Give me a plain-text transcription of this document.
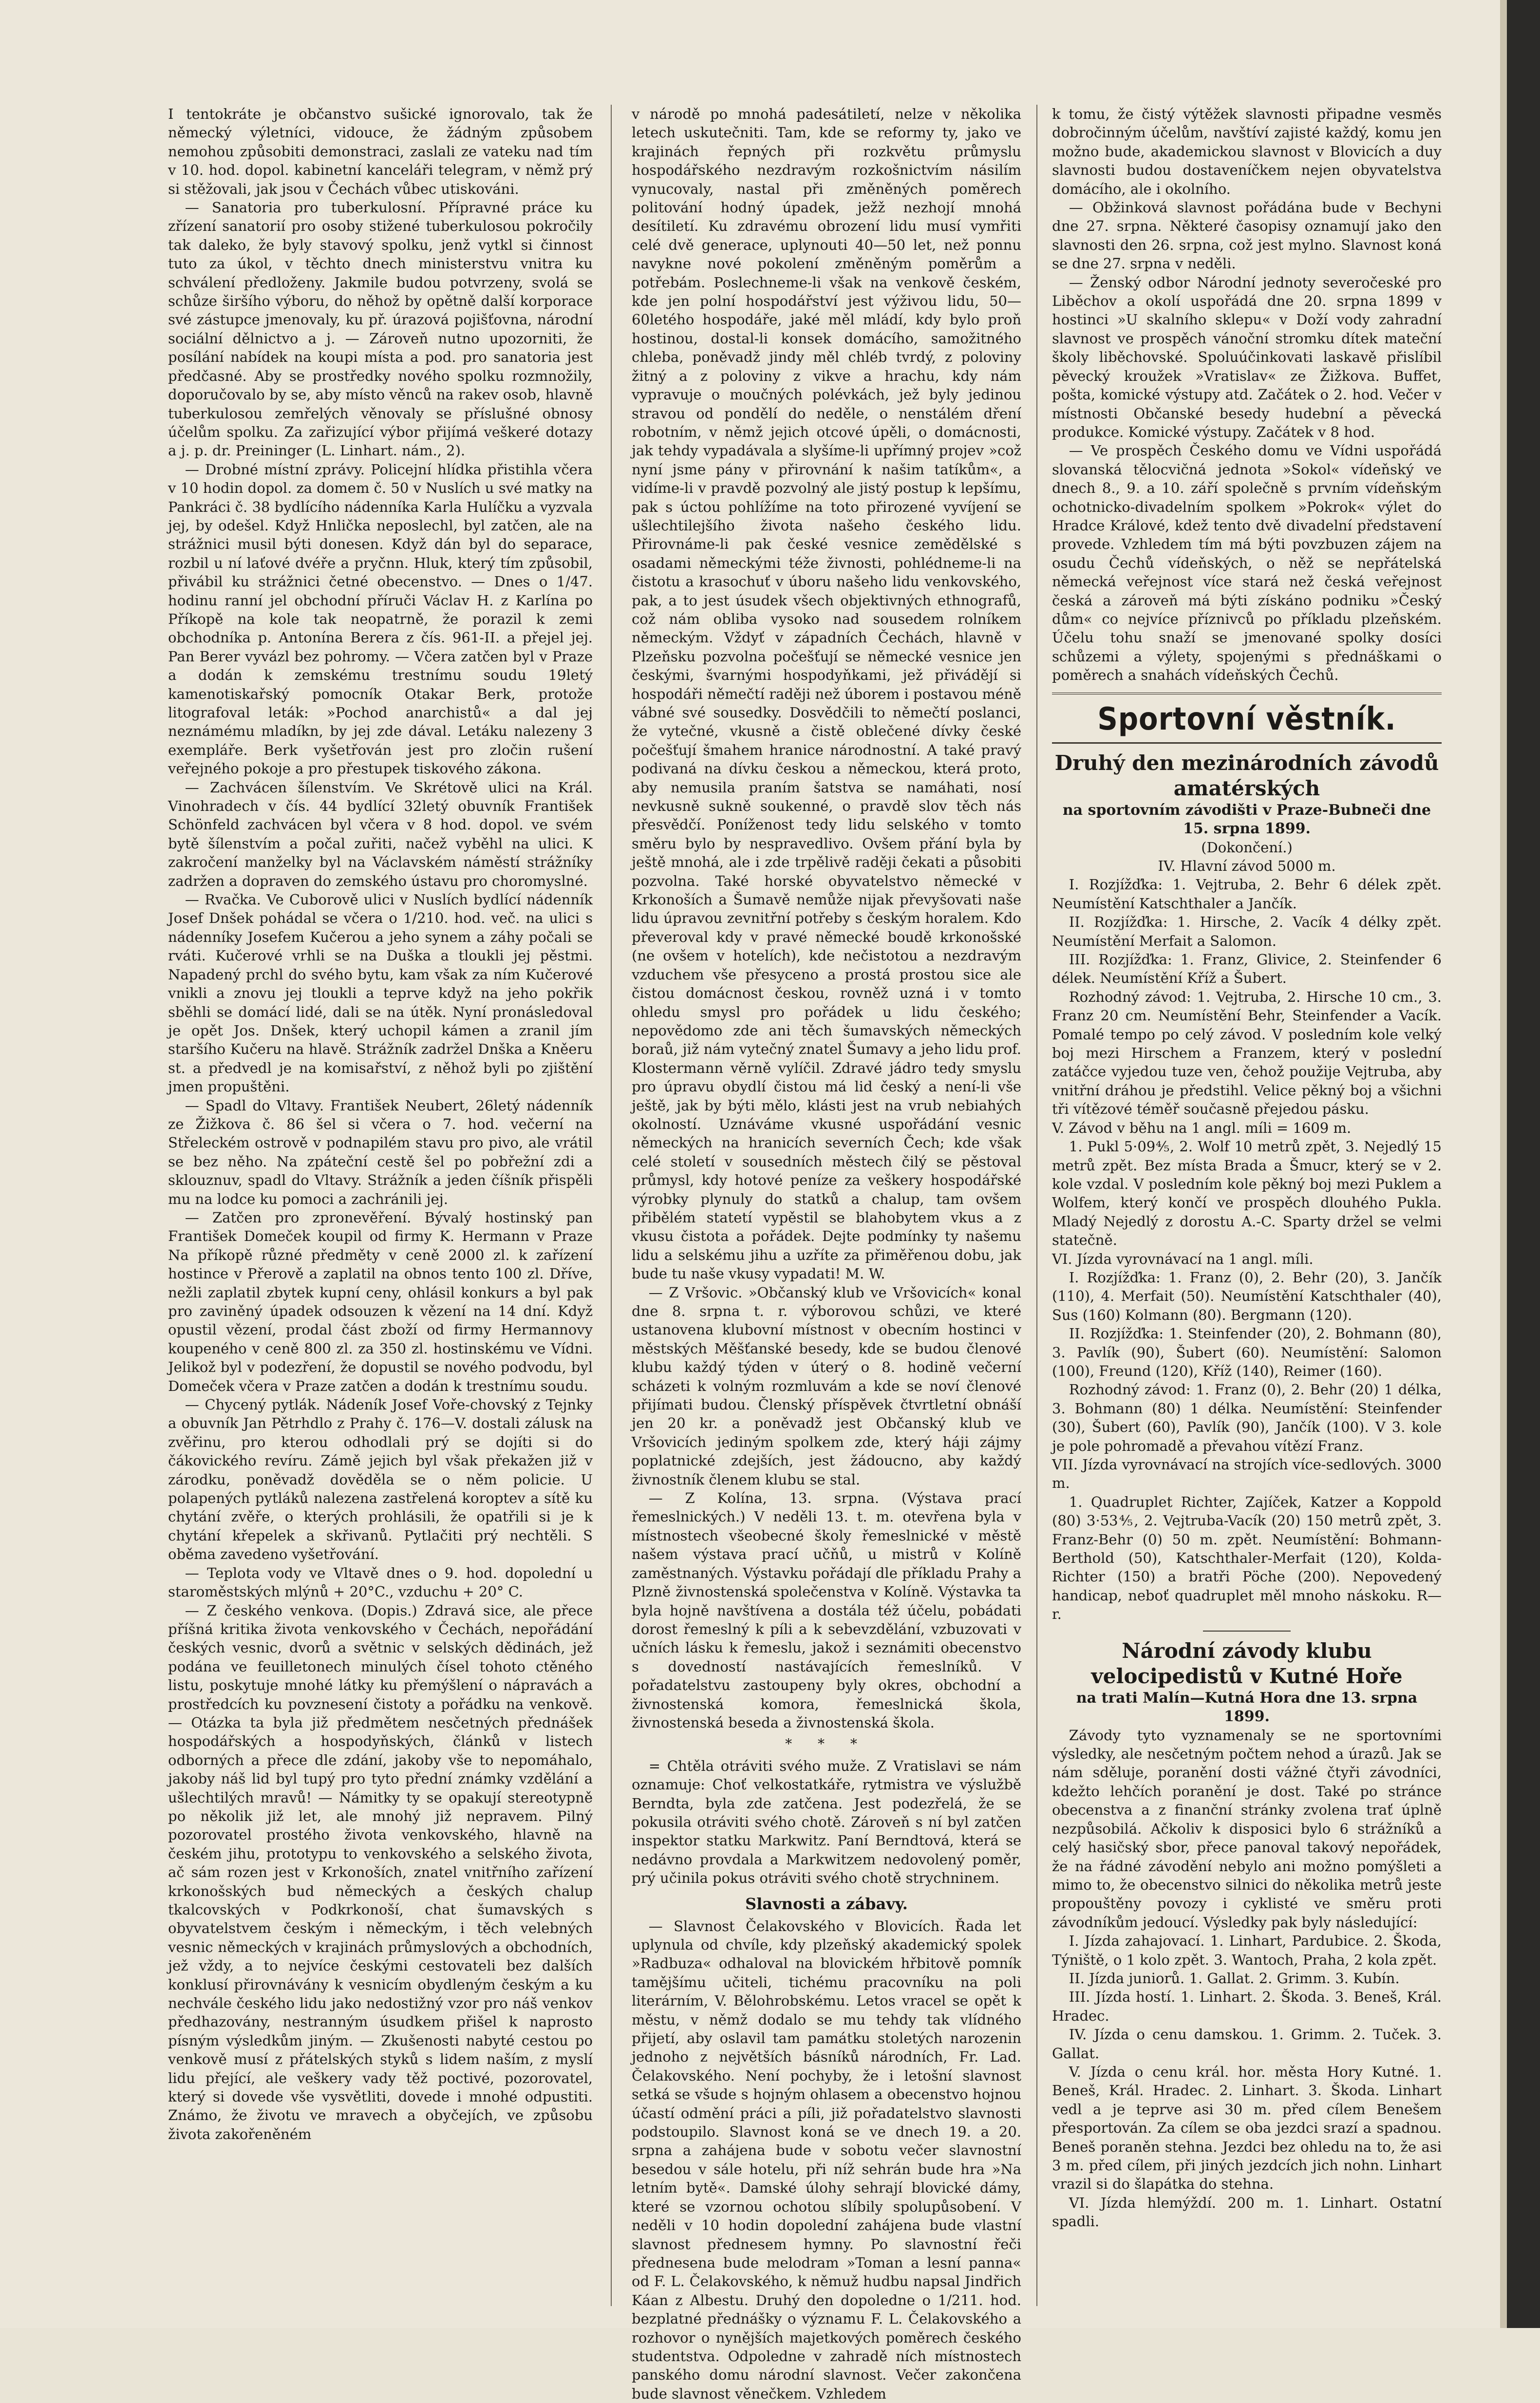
I tentokráte je občanstvo sušické ignorovalo, tak že německý výletníci, vidouce, že žádným způsobem nemohou způsobiti demonstraci, zaslali ze vateku nad tím v 10. hod. dopol. kabinetní kanceláři telegram, v němž prý si stěžovali, jak jsou v Čechách vůbec utiskováni.

— Sanatoria pro tuberkulosní. Přípravné práce ku zřízení sanatorií pro osoby stižené tuberkulosou pokročily tak daleko, že byly stavový spolku, jenž vytkl si činnost tuto za úkol, v těchto dnech ministerstvu vnitra ku schválení předloženy. Jakmile budou potvrzeny, svolá se schůze širšího výboru, do něhož by opětně další korporace své zástupce jmenovaly, ku př. úrazová pojišťovna, národní sociální dělnictvo a j. — Zároveň nutno upozorniti, že posílání nabídek na koupi místa a pod. pro sanatoria jest předčasné. Aby se prostředky nového spolku rozmnožily, doporučovalo by se, aby místo věnců na rakev osob, hlavně tuberkulosou zemřelých věnovaly se příslušné obnosy účelům spolku. Za zařizující výbor přijímá veškeré dotazy a j. p. dr. Preininger (L. Linhart. nám., 2).

— Drobné místní zprávy. Policejní hlídka přistihla včera v 10 hodin dopol. za domem č. 50 v Nuslích u své matky na Pankráci č. 38 bydlícího nádenníka Karla Hulíčku a vyzvala jej, by odešel. Když Hnlička neposlechl, byl zatčen, ale na strážnici musil býti donesen. Když dán byl do separace, rozbil u ní laťové dvéře a pryčnn. Hluk, který tím způsobil, přivábil ku strážnici četné obecenstvo. — Dnes o 1/47. hodinu ranní jel obchodní příruči Václav H. z Karlína po Příkopě na kole tak neopatrně, že porazil k zemi obchodníka p. Antonína Berera z čís. 961-II. a přejel jej. Pan Berer vyvázl bez pohromy. — Včera zatčen byl v Praze a dodán k zemskému trestnímu soudu 19letý kamenotiskařský pomocník Otakar Berk, protože litografoval leták: »Pochod anarchistů« a dal jej neznámému mladíkn, by jej zde dával. Letáku nalezeny 3 exempláře. Berk vyšetřován jest pro zločin rušení veřejného pokoje a pro přestupek tiskového zákona.

— Zachvácen šílenstvím. Ve Skrétově ulici na Král. Vinohradech v čís. 44 bydlící 32letý obuvník František Schönfeld zachvácen byl včera v 8 hod. dopol. ve svém bytě šílenstvím a počal zuřiti, načež vyběhl na ulici. K zakročení manželky byl na Václavském náměstí strážníky zadržen a dopraven do zemského ústavu pro choromyslné.

— Rvačka. Ve Cuborově ulici v Nuslích bydlící nádenník Josef Dnšek pohádal se včera o 1/210. hod. več. na ulici s nádenníky Josefem Kučerou a jeho synem a záhy počali se rváti. Kučerové vrhli se na Duška a tloukli jej pěstmi. Napadený prchl do svého bytu, kam však za ním Kučerové vnikli a znovu jej tloukli a teprve když na jeho pokřik sběhli se domácí lidé, dali se na útěk. Nyní pronásledoval je opět Jos. Dnšek, který uchopil kámen a zranil jím staršího Kučeru na hlavě. Strážník zadržel Dnška a Kněeru st. a předvedl je na komisařství, z něhož byli po zjištění jmen propuštěni.

— Spadl do Vltavy. František Neubert, 26letý nádenník ze Žižkova č. 86 šel si včera o 7. hod. večerní na Střeleckém ostrově v podnapilém stavu pro pivo, ale vrátil se bez něho. Na zpáteční cestě šel po pobřežní zdi a sklouznuv, spadl do Vltavy. Strážník a jeden číšník přispěli mu na lodce ku pomoci a zachránili jej.

— Zatčen pro zpronevěření. Bývalý hostinský pan František Domeček koupil od firmy K. Hermann v Praze Na příkopě různé předměty v ceně 2000 zl. k zařízení hostince v Přerově a zaplatil na obnos tento 100 zl. Dříve, nežli zaplatil zbytek kupní ceny, ohlásil konkurs a byl pak pro zaviněný úpadek odsouzen k vězení na 14 dní. Když opustil vězení, prodal část zboží od firmy Hermannovy koupeného v ceně 800 zl. za 350 zl. hostinskému ve Vídni. Jelikož byl v podezření, že dopustil se nového podvodu, byl Domeček včera v Praze zatčen a dodán k trestnímu soudu.

— Chycený pytlák. Nádeník Josef Voře-chovský z Tejnky a obuvník Jan Pětrhdlo z Prahy č. 176—V. dostali zálusk na zvěřinu, pro kterou odhodlali prý se dojíti si do čákovického revíru. Zámě jejich byl však překažen již v zárodku, poněvadž dověděla se o něm policie. U polapených pytláků nalezena zastřelená koroptev a sítě ku chytání zvěře, o kterých prohlásili, že opatřili si je k chytání křepelek a skřivanů. Pytlačiti prý nechtěli. S oběma zavedeno vyšetřování.

— Teplota vody ve Vltavě dnes o 9. hod. dopolední u staroměstských mlýnů + 20°C., vzduchu + 20° C.

— Z českého venkova. (Dopis.) Zdravá sice, ale přece příšná kritika života venkovského v Čechách, nepořádání českých vesnic, dvorů a světnic v selských dědinách, jež podána ve feuilletonech minulých čísel tohoto ctěného listu, poskytuje mnohé látky ku přemýšlení o nápravách a prostředcích ku povznesení čistoty a pořádku na venkově. — Otázka ta byla již předmětem nesčetných přednášek hospodářských a hospodyňských, článků v listech odborných a přece dle zdání, jakoby vše to nepomáhalo, jakoby náš lid byl tupý pro tyto přední známky vzdělání a ušlechtilých mravů! — Námitky ty se opakují stereotypně po několik již let, ale mnohý již nepravem. Pilný pozorovatel prostého života venkovského, hlavně na českém jihu, prototypu to venkovského a selského života, ač sám rozen jest v Krkonoších, znatel vnitřního zařízení krkonošských bud německých a českých chalup tkalcovských v Podkrkonoší, chat šumavských s obyvatelstvem českým i německým, i těch velebných vesnic německých v krajinách průmyslových a obchodních, jež vždy, a to nejvíce českými cestovateli bez dalších konklusí přirovnávány k vesnicím obydleným českým a ku nechvále českého lidu jako nedostižný vzor pro náš venkov předhazovány, nestranným úsudkem přišel k naprosto písným výsledkům jiným. — Zkušenosti nabyté cestou po venkově musí z přátelských styků s lidem naším, z myslí lidu přející, ale veškery vady těž poctivé, pozorovatel, který si dovede vše vysvětliti, dovede i mnohé odpustiti. Známo, že životu ve mravech a obyčejích, ve způsobu života zakořeněném

v národě po mnohá padesátiletí, nelze v několika letech uskutečniti. Tam, kde se reformy ty, jako ve krajinách řepných při rozkvětu průmyslu hospodářského nezdravým rozkošnictvím násilím vynucovaly, nastal při změněných poměrech politování hodný úpadek, ježž nezhojí mnohá desítiletí. Ku zdravému obrození lidu musí vymřiti celé dvě generace, uplynouti 40—50 let, než ponnu navykne nové pokolení změněným poměrům a potřebám. Poslechneme-li však na venkově českém, kde jen polní hospodářství jest výživou lidu, 50—60letého hospodáře, jaké měl mládí, kdy bylo proň hostinou, dostal-li konsek domácího, samožitného chleba, poněvadž jindy měl chléb tvrdý, z poloviny žitný a z poloviny z vikve a hrachu, kdy nám vypravuje o moučných polévkách, jež byly jedinou stravou od pondělí do neděle, o nenstálém dření robotním, v němž jejich otcové úpěli, o domácnosti, jak tehdy vypadávala a slyšíme-li upřímný projev »což nyní jsme pány v přirovnání k našim tatíkům«, a vidíme-li v pravdě pozvolný ale jistý postup k lepšímu, pak s úctou pohlížíme na toto přirozené vyvíjení se ušlechtilejšího života našeho českého lidu. Přirovnáme-li pak české vesnice zemědělské s osadami německými téže živnosti, pohlédneme-li na čistotu a krasochuť v úboru našeho lidu venkovského, pak, a to jest úsudek všech objektivných ethnografů, což nám obliba vysoko nad sousedem rolníkem německým. Vždyť v západních Čechách, hlavně v Plzeňsku pozvolna počešťují se německé vesnice jen českými, švarnými hospodyňkami, jež přivádějí si hospodáři němečtí raději než úborem i postavou méně vábné své sousedky. Dosvědčili to němečtí poslanci, že vytečné, vkusně a čistě oblečené dívky české počešťují šmahem hranice národnostní. A také pravý podivaná na dívku českou a německou, která proto, aby nemusila praním šatstva se namáhati, nosí nevkusně sukně soukenné, o pravdě slov těch nás přesvědčí. Poníženost tedy lidu selského v tomto směru bylo by nespravedlivo. Ovšem přání byla by ještě mnohá, ale i zde trpělivě raději čekati a působiti pozvolna. Také horské obyvatelstvo německé v Krkonoších a Šumavě nemůže nijak převyšovati naše lidu úpravou zevnitřní potřeby s českým horalem. Kdo převeroval kdy v pravé německé boudě krkonošské (ne ovšem v hotelích), kde nečistotou a nezdravým vzduchem vše přesyceno a prostá prostou sice ale čistou domácnost českou, rovněž uzná i v tomto ohledu smysl pro pořádek u lidu českého; nepovědomo zde ani těch šumavských německých boraů, již nám vytečný znatel Šumavy a jeho lidu prof. Klostermann věrně vylíčil. Zdravé jádro tedy smyslu pro úpravu obydlí čistou má lid český a není-li vše ještě, jak by býti mělo, klásti jest na vrub nebiahých okolností. Uznáváme vkusné uspořádání vesnic německých na hranicích severních Čech; kde však celé století v sousedních městech čilý se pěstoval průmysl, kdy hotové peníze za veškery hospodářské výrobky plynuly do statků a chalup, tam ovšem přibělém statetí vypěstil se blahobytem vkus a z vkusu čistota a pořádek. Dejte podmínky ty našemu lidu a selskému jihu a uzříte za přiměřenou dobu, jak bude tu naše vkusy vypadati! M. W.

— Z Vršovic. »Občanský klub ve Vršovicích« konal dne 8. srpna t. r. výborovou schůzi, ve které ustanovena klubovní místnost v obecním hostinci v městských Měšťanské besedy, kde se budou členové klubu každý týden v úterý o 8. hodině večerní scházeti k volným rozmluvám a kde se noví členové přijímati budou. Členský příspěvek čtvrtletní obnáší jen 20 kr. a poněvadž jest Občanský klub ve Vršovicích jediným spolkem zde, který háji zájmy poplatnické zdejších, jest žádoucno, aby každý živnostník členem klubu se stal.

— Z Kolína, 13. srpna. (Výstava prací řemeslnických.) V neděli 13. t. m. otevřena byla v místnostech všeobecné školy řemeslnické v městě našem výstava prací učňů, u mistrů v Kolíně zaměstnaných. Výstavku pořádají dle příkladu Prahy a Plzně živnostenská společenstva v Kolíně. Výstavka ta byla hojně navštívena a dostála též účelu, pobádati dorost řemeslný k píli a k sebevzdělání, vzbuzovati v učních lásku k řemeslu, jakož i seznámiti obecenstvo s dovedností nastávajících řemeslníků. V pořadatelstvu zastoupeny byly okres, obchodní a živnostenská komora, řemeslnická škola, živnostenská beseda a živnostenská škola.

* * *

= Chtěla otráviti svého muže. Z Vratislavi se nám oznamuje: Choť velkostatkáře, rytmistra ve výslužbě Berndta, byla zde zatčena. Jest podezřelá, že se pokusila otráviti svého chotě. Zároveň s ní byl zatčen inspektor statku Markwitz. Paní Berndtová, která se nedávno provdala a Markwitzem nedovolený poměr, prý učinila pokus otráviti svého chotě strychninem.

Slavnosti a zábavy.

— Slavnost Čelakovského v Blovicích. Řada let uplynula od chvíle, kdy plzeňský akademický spolek »Radbuza« odhaloval na blovickém hřbitově pomník tamějšímu učiteli, tichému pracovníku na poli literárním, V. Bělohrobskému. Letos vracel se opět k městu, v němž dodalo se mu tehdy tak vlídného přijetí, aby oslavil tam památku stoletých narozenin jednoho z největších básníků národních, Fr. Lad. Čelakovského. Není pochyby, že i letošní slavnost setká se všude s hojným ohlasem a obecenstvo hojnou účastí odmění práci a píli, již pořadatelstvo slavnosti podstoupilo. Slavnost koná se ve dnech 19. a 20. srpna a zahájena bude v sobotu večer slavnostní besedou v sále hotelu, při níž sehrán bude hra »Na letním bytě«. Damské úlohy sehrají blovické dámy, které se vzornou ochotou slíbily spolupůsobení. V neděli v 10 hodin dopolední zahájena bude vlastní slavnost přednesem hymny. Po slavnostní řeči přednesena bude melodram »Toman a lesní panna« od F. L. Čelakovského, k němuž hudbu napsal Jindřich Káan z Albestu. Druhý den dopoledne o 1/211. hod. bezplatné přednášky o významu F. L. Čelakovského a rozhovor o nynějších majetkových poměrech českého studentstva. Odpoledne v zahradě ních místnostech panského domu národní slavnost. Večer zakončena bude slavnost věnečkem. Vzhledem

k tomu, že čistý výtěžek slavnosti připadne vesměs dobročinným účelům, navštíví zajisté každý, komu jen možno bude, akademickou slavnost v Blovicích a duy slavnosti budou dostaveníčkem nejen obyvatelstva domácího, ale i okolního.

— Obžinková slavnost pořádána bude v Bechyni dne 27. srpna. Některé časopisy oznamují jako den slavnosti den 26. srpna, což jest mylno. Slavnost koná se dne 27. srpna v neděli.

— Ženský odbor Národní jednoty severočeské pro Liběchov a okolí uspořádá dne 20. srpna 1899 v hostinci »U skalního sklepu« v Doží vody zahradní slavnost ve prospěch vánoční stromku dítek mateční školy liběchovské. Spoluúčinkovati laskavě přislíbil pěvecký kroužek »Vratislav« ze Žižkova. Buffet, pošta, komické výstupy atd. Začátek o 2. hod. Večer v místnosti Občanské besedy hudební a pěvecká produkce. Komické výstupy. Začátek v 8 hod.

— Ve prospěch Českého domu ve Vídni uspořádá slovanská tělocvičná jednota »Sokol« vídeňský ve dnech 8., 9. a 10. září společně s prvním vídeňským ochotnicko-divadelním spolkem »Pokrok« výlet do Hradce Králové, kdež tento dvě divadelní představení provede. Vzhledem tím má býti povzbuzen zájem na osudu Čechů vídeňských, o něž se nepřátelská německá veřejnost více stará než česká veřejnost česká a zároveň má býti získáno podniku »Český dům« co nejvíce příznivců po příkladu plzeňském. Účelu tohu snaží se jmenované spolky dosíci schůzemi a výlety, spojenými s přednáškami o poměrech a snahách vídeňských Čechů.

Sportovní věstník.
Druhý den mezinárodních závodů amatérských
na sportovním závodišti v Praze-Bubneči dne 15. srpna 1899.

(Dokončení.)

IV. Hlavní závod 5000 m.

I. Rozjížďka: 1. Vejtruba, 2. Behr 6 délek zpět. Neumístění Katschthaler a Jančík.

II. Rozjížďka: 1. Hirsche, 2. Vacík 4 délky zpět. Neumístění Merfait a Salomon.

III. Rozjížďka: 1. Franz, Glivice, 2. Steinfender 6 délek. Neumístění Kříž a Šubert.

Rozhodný závod: 1. Vejtruba, 2. Hirsche 10 cm., 3. Franz 20 cm. Neumístění Behr, Steinfender a Vacík. Pomalé tempo po celý závod. V posledním kole velký boj mezi Hirschem a Franzem, který v poslední zatáčce vyjedou tuze ven, čehož použije Vejtruba, aby vnitřní dráhou je předstihl. Velice pěkný boj a všichni tři vítězové téměř současně přejedou pásku.

V. Závod v běhu na 1 angl. míli = 1609 m.

1. Pukl 5·09⅘, 2. Wolf 10 metrů zpět, 3. Nejedlý 15 metrů zpět. Bez místa Brada a Šmucr, který se v 2. kole vzdal. V posledním kole pěkný boj mezi Puklem a Wolfem, který končí ve prospěch dlouhého Pukla. Mladý Nejedlý z dorostu A.-C. Sparty držel se velmi statečně.

VI. Jízda vyrovnávací na 1 angl. míli.

I. Rozjížďka: 1. Franz (0), 2. Behr (20), 3. Jančík (110), 4. Merfait (50). Neumístění Katschthaler (40), Sus (160) Kolmann (80). Bergmann (120).

II. Rozjížďka: 1. Steinfender (20), 2. Bohmann (80), 3. Pavlík (90), Šubert (60). Neumístění: Salomon (100), Freund (120), Kříž (140), Reimer (160).

Rozhodný závod: 1. Franz (0), 2. Behr (20) 1 délka, 3. Bohmann (80) 1 délka. Neumístění: Steinfender (30), Šubert (60), Pavlík (90), Jančík (100). V 3. kole je pole pohromadě a převahou vítězí Franz.

VII. Jízda vyrovnávací na strojích více-sedlových. 3000 m.

1. Quadruplet Richter, Zajíček, Katzer a Koppold (80) 3·53⅘, 2. Vejtruba-Vacík (20) 150 metrů zpět, 3. Franz-Behr (0) 50 m. zpět. Neumístění: Bohmann-Berthold (50), Katschthaler-Merfait (120), Kolda-Richter (150) a bratři Pöche (200). Nepovedený handicap, neboť quadruplet měl mnoho náskoku. R—r.

Národní závody klubu velocipedistů v Kutné Hoře
na trati Malín—Kutná Hora dne 13. srpna 1899.

Závody tyto vyznamenaly se ne sportovními výsledky, ale nesčetným počtem nehod a úrazů. Jak se nám sděluje, poranění dosti vážné čtyři závodníci, kdežto lehčích poranění je dost. Také po stránce obecenstva a z finanční stránky zvolena trať úplně nezpůsobilá. Ačkoliv k disposici bylo 6 strážníků a celý hasičský sbor, přece panoval takový nepořádek, že na řádné závodění nebylo ani možno pomýšleti a mimo to, že obecenstvo silnici do několika metrů jeste propouštěny povozy i cyklisté ve směru proti závodníkům jedoucí. Výsledky pak byly následující:

I. Jízda zahajovací. 1. Linhart, Pardubice. 2. Škoda, Týniště, o 1 kolo zpět. 3. Wantoch, Praha, 2 kola zpět.

II. Jízda juniorů. 1. Gallat. 2. Grimm. 3. Kubín.

III. Jízda hostí. 1. Linhart. 2. Škoda. 3. Beneš, Král. Hradec.

IV. Jízda o cenu damskou. 1. Grimm. 2. Tuček. 3. Gallat.

V. Jízda o cenu král. hor. města Hory Kutné. 1. Beneš, Král. Hradec. 2. Linhart. 3. Škoda. Linhart vedl a je teprve asi 30 m. před cílem Benešem přesportován. Za cílem se oba jezdci srazí a spadnou. Beneš poraněn stehna. Jezdci bez ohledu na to, že asi 3 m. před cílem, při jiných jezdcích jich nohn. Linhart vrazil si do šlapátka do stehna.

VI. Jízda hlemýždí. 200 m. 1. Linhart. Ostatní spadli.
